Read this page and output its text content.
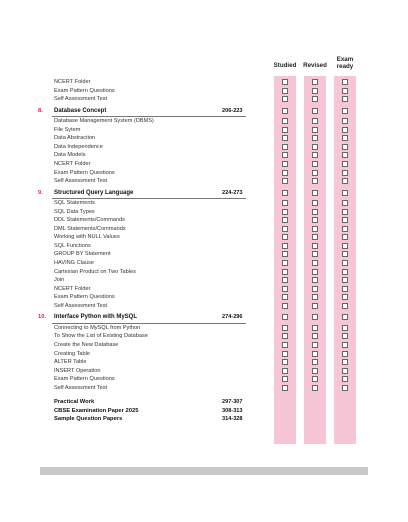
Studied	Revised
Exam
ready
NCERT Folder
Exam Pattern Questions
Self Assessment Test
8. Database Concept	206-223
Database Management System (DBMS)
File Sytem
Data Abstraction
Data Independence
Data Models
NCERT Folder
Exam Pattern Questions
Self Assessment Test
9. Structured Query Language	224-273
SQL Statements
SQL Data Types
DDL Statements/Commands
DML Statements/Commands
Working with NULL Values
SQL Functions
GROUP BY Statement
HAVING Clause
Cartesian Product on Two Tables
Join
NCERT Folder
Exam Pattern Questions
Self Assessment Test
10. Interface Python with MySQL	274-296
Connecting to MySQL from Python
To Show the List of Existing Database
Create the New Database
Creating Table
ALTER Table
INSERT Operation
Exam Pattern Questions
Self Assessment Test
Practical Work	297-307
CBSE Examination Paper 2025	308-313
Sample Question Papers	314-328
